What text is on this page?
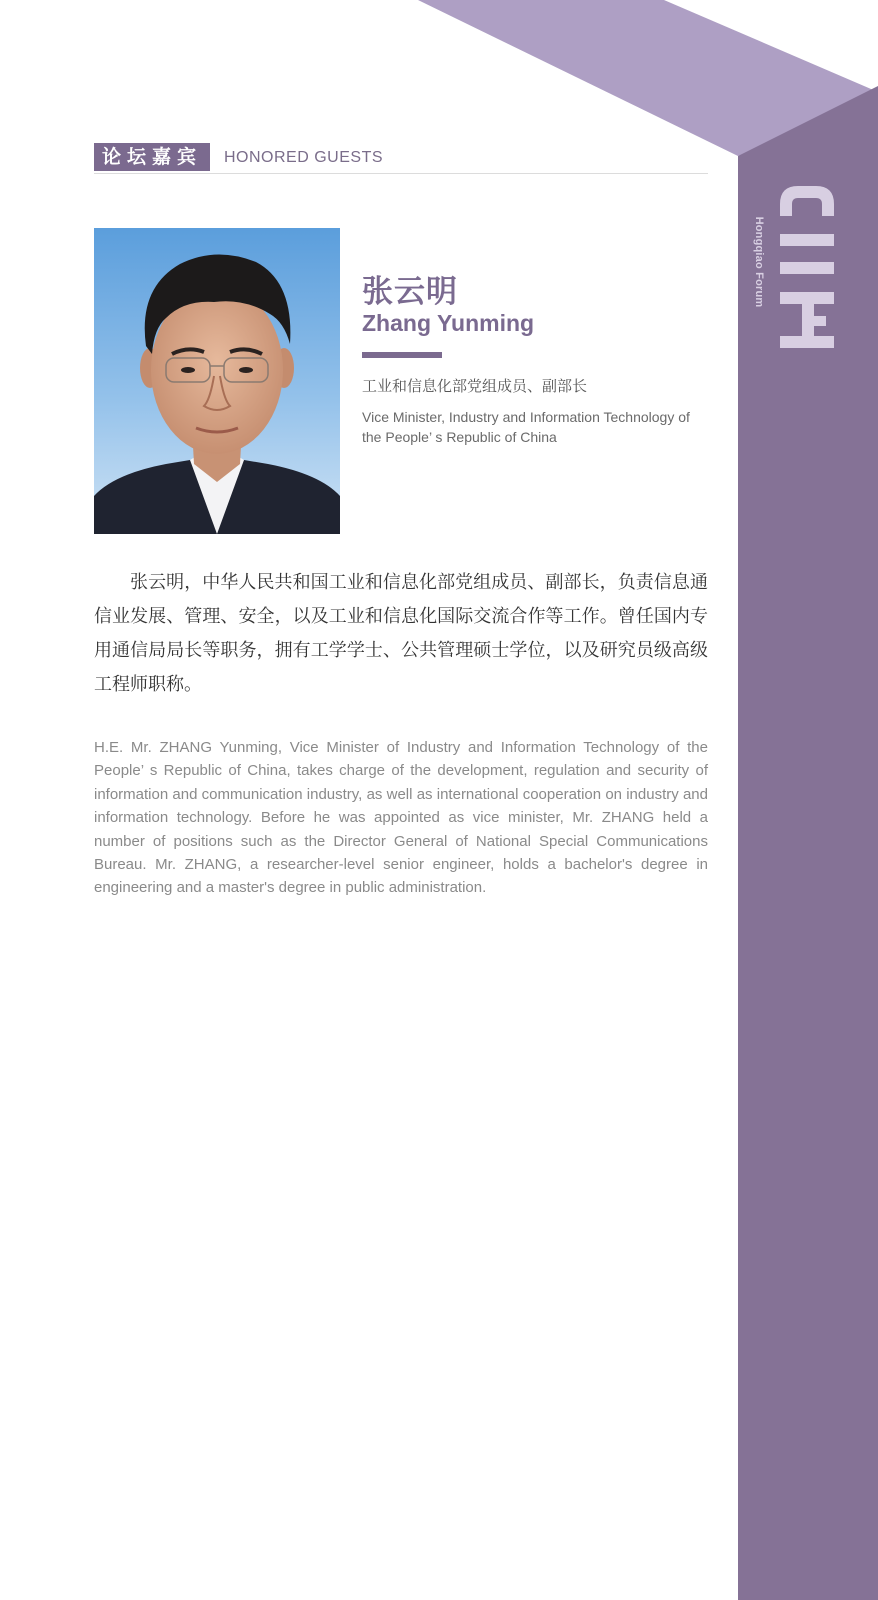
Hongqiao Forum
论坛嘉宾	HONORED GUESTS
张云明
Zhang Yunming
工业和信息化部党组成员、副部长
Vice Minister, Industry and Information Technology of the People’ s Republic of China

张云明，中华人民共和国工业和信息化部党组成员、副部长，负责信息通信业发展、管理、安全，以及工业和信息化国际交流合作等工作。曾任国内专用通信局局长等职务，拥有工学学士、公共管理硕士学位，以及研究员级高级工程师职称。

H.E. Mr. ZHANG Yunming, Vice Minister of Industry and Information Technology of the People’ s Republic of China, takes charge of the development, regulation and security of information and communication industry, as well as international cooperation on industry and information technology. Before he was appointed as vice minister, Mr. ZHANG held a number of positions such as the Director General of National Special Communications Bureau. Mr. ZHANG, a researcher-level senior engineer, holds a bachelor's degree in engineering and a master's degree in public administration.
